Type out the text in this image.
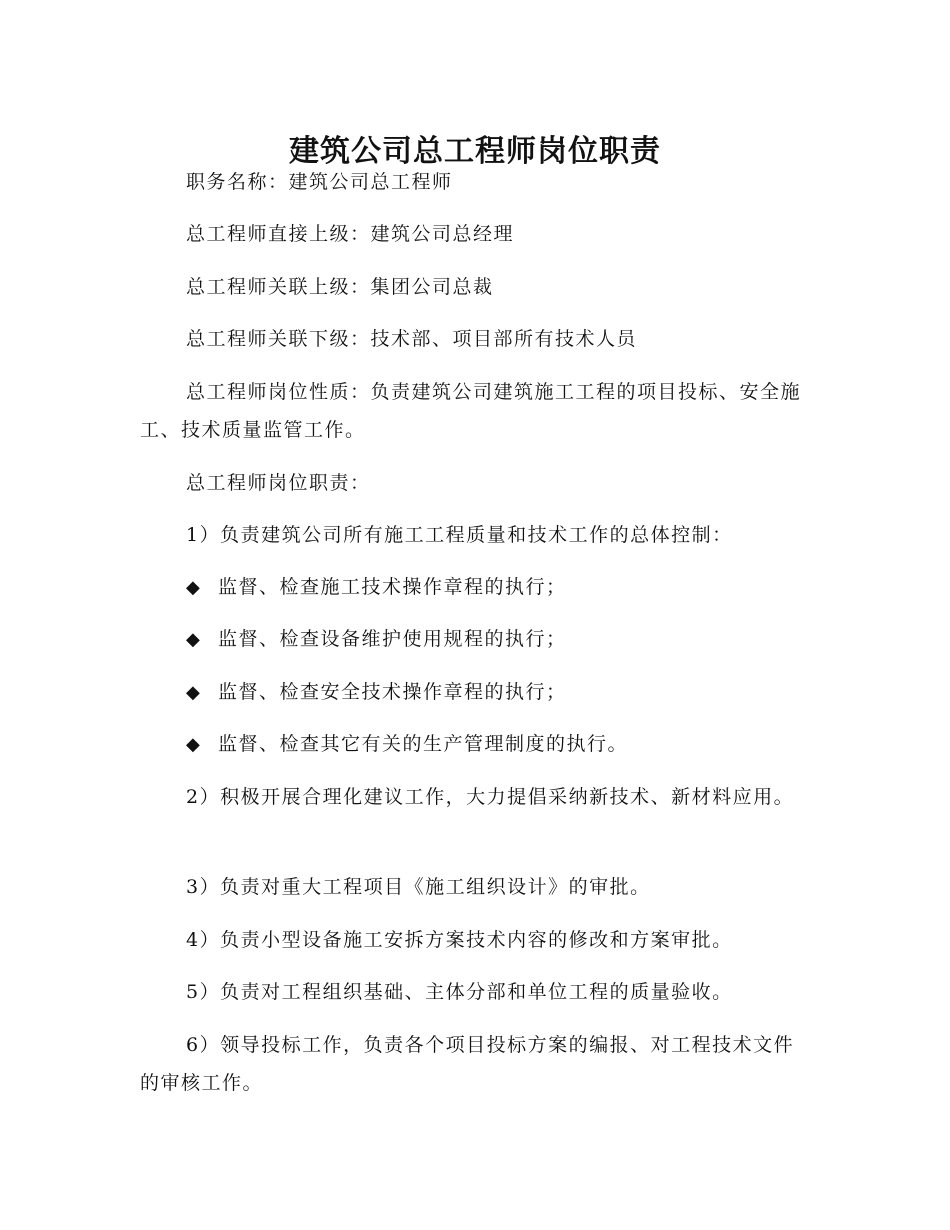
建筑公司总工程师岗位职责

职务名称：建筑公司总工程师

总工程师直接上级：建筑公司总经理

总工程师关联上级：集团公司总裁

总工程师关联下级：技术部、项目部所有技术人员

总工程师岗位性质：负责建筑公司建筑施工工程的项目投标、安全施工、技术质量监管工作。

总工程师岗位职责：

1）负责建筑公司所有施工工程质量和技术工作的总体控制：

◆ 监督、检查施工技术操作章程的执行；

◆ 监督、检查设备维护使用规程的执行；

◆ 监督、检查安全技术操作章程的执行；

◆ 监督、检查其它有关的生产管理制度的执行。

2）积极开展合理化建议工作，大力提倡采纳新技术、新材料应用。

3）负责对重大工程项目《施工组织设计》的审批。

4）负责小型设备施工安拆方案技术内容的修改和方案审批。

5）负责对工程组织基础、主体分部和单位工程的质量验收。

6）领导投标工作，负责各个项目投标方案的编报、对工程技术文件的审核工作。
